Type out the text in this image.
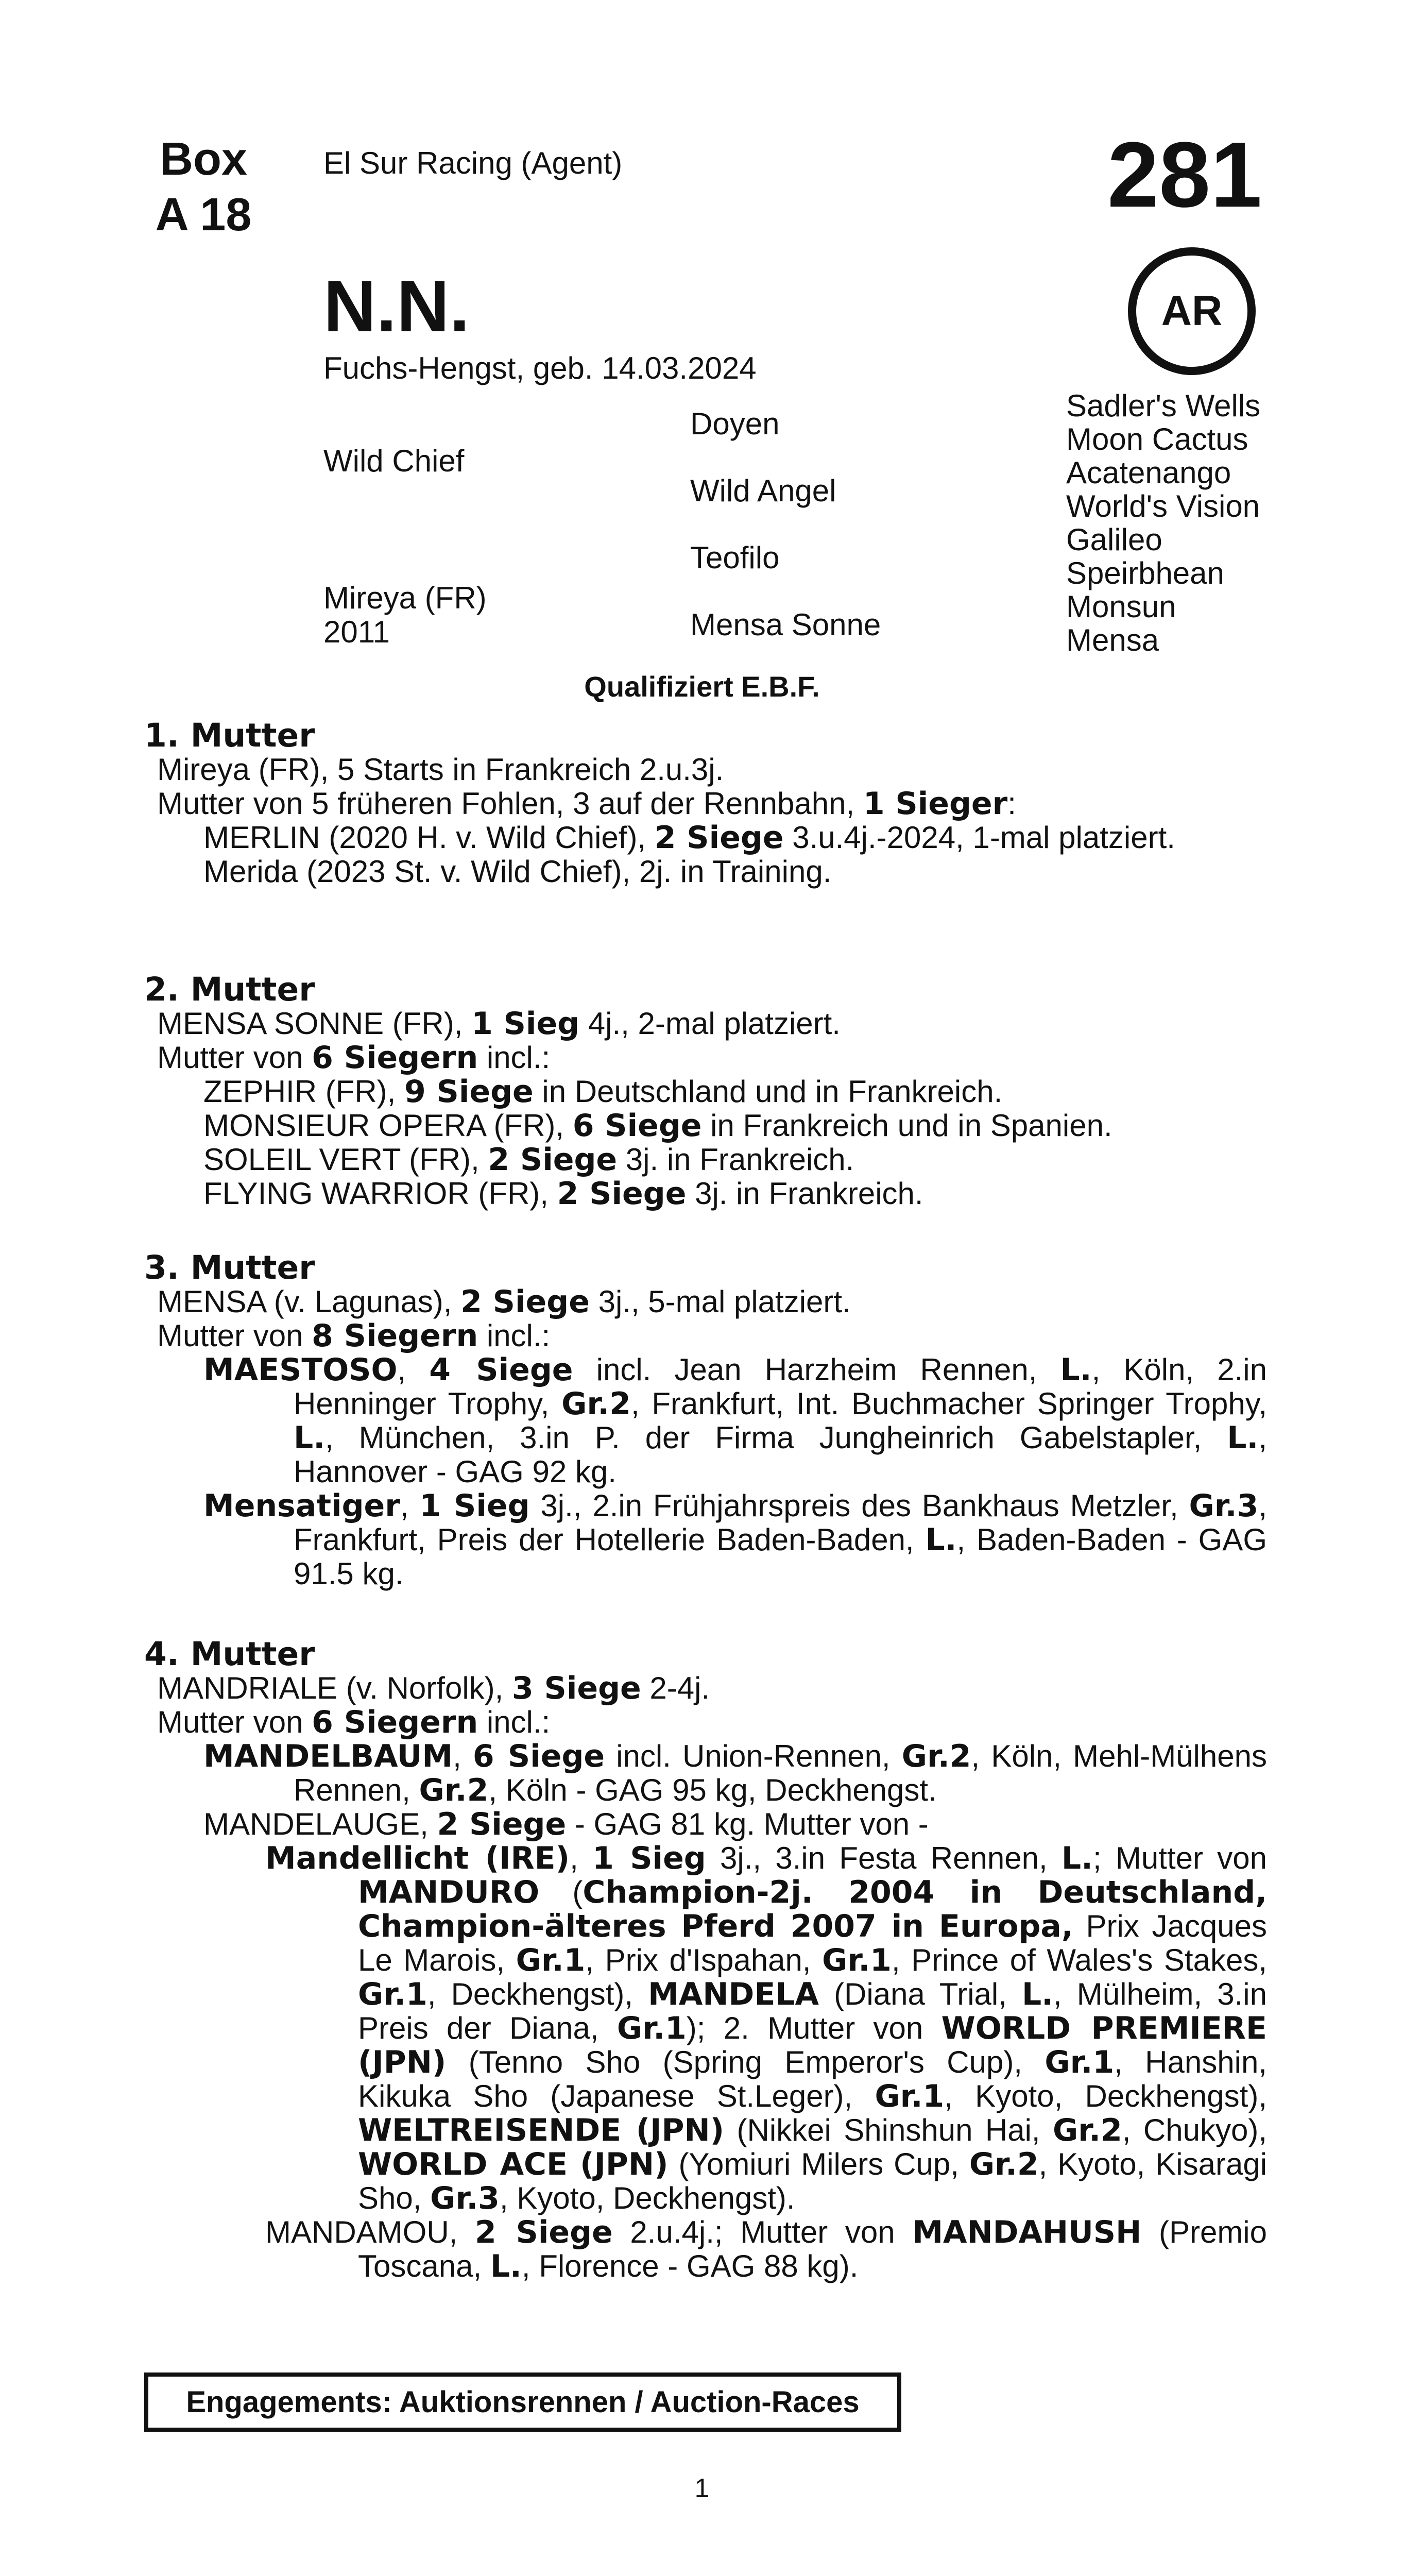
Box
A 18
El Sur Racing (Agent)	281
AR
N.N.
Fuchs-Hengst, geb. 14.03.2024
Wild Chief
Mireya (FR)
2011
Doyen
Wild Angel
Teofilo
Mensa Sonne
Sadler's Wells
Moon Cactus
Acatenango
World's Vision
Galileo
Speirbhean
Monsun
Mensa
Qualifiziert E.B.F.
1. Mutter

Mireya (FR), 5 Starts in Frankreich 2.u.3j.

Mutter von 5 früheren Fohlen, 3 auf der Rennbahn, 1 Sieger:

MERLIN (2020 H. v. Wild Chief), 2 Siege 3.u.4j.-2024, 1-mal platziert.

Merida (2023 St. v. Wild Chief), 2j. in Training.

2. Mutter

MENSA SONNE (FR), 1 Sieg 4j., 2-mal platziert.

Mutter von 6 Siegern incl.:

ZEPHIR (FR), 9 Siege in Deutschland und in Frankreich.

MONSIEUR OPERA (FR), 6 Siege in Frankreich und in Spanien.

SOLEIL VERT (FR), 2 Siege 3j. in Frankreich.

FLYING WARRIOR (FR), 2 Siege 3j. in Frankreich.

3. Mutter

MENSA (v. Lagunas), 2 Siege 3j., 5-mal platziert.

Mutter von 8 Siegern incl.:

MAESTOSO, 4 Siege incl. Jean Harzheim Rennen, L., Köln, 2.in Henninger Trophy, Gr.2, Frankfurt, Int. Buchmacher Springer Trophy, L., München, 3.in P. der Firma Jungheinrich Gabelstapler, L., Hannover - GAG 92 kg.

Mensatiger, 1 Sieg 3j., 2.in Frühjahrspreis des Bankhaus Metzler, Gr.3, Frankfurt, Preis der Hotellerie Baden-Baden, L., Baden-Baden - GAG 91.5 kg.

4. Mutter

MANDRIALE (v. Norfolk), 3 Siege 2-4j.

Mutter von 6 Siegern incl.:

MANDELBAUM, 6 Siege incl. Union-Rennen, Gr.2, Köln, Mehl-Mülhens Rennen, Gr.2, Köln - GAG 95 kg, Deckhengst.

MANDELAUGE, 2 Siege - GAG 81 kg. Mutter von -

Mandellicht (IRE), 1 Sieg 3j., 3.in Festa Rennen, L.; Mutter von MANDURO (Champion-2j. 2004 in Deutschland, Champion-älteres Pferd 2007 in Europa, Prix Jacques Le Marois, Gr.1, Prix d'Ispahan, Gr.1, Prince of Wales's Stakes, Gr.1, Deckhengst), MANDELA (Diana Trial, L., Mülheim, 3.in Preis der Diana, Gr.1); 2. Mutter von WORLD PREMIERE (JPN) (Tenno Sho (Spring Emperor's Cup), Gr.1, Hanshin, Kikuka Sho (Japanese St.Leger), Gr.1, Kyoto, Deckhengst), WELTREISENDE (JPN) (Nikkei Shinshun Hai, Gr.2, Chukyo), WORLD ACE (JPN) (Yomiuri Milers Cup, Gr.2, Kyoto, Kisaragi Sho, Gr.3, Kyoto, Deckhengst).

MANDAMOU, 2 Siege 2.u.4j.; Mutter von MANDAHUSH (Premio Toscana, L., Florence - GAG 88 kg).

Engagements: Auktionsrennen / Auction-Races
1
